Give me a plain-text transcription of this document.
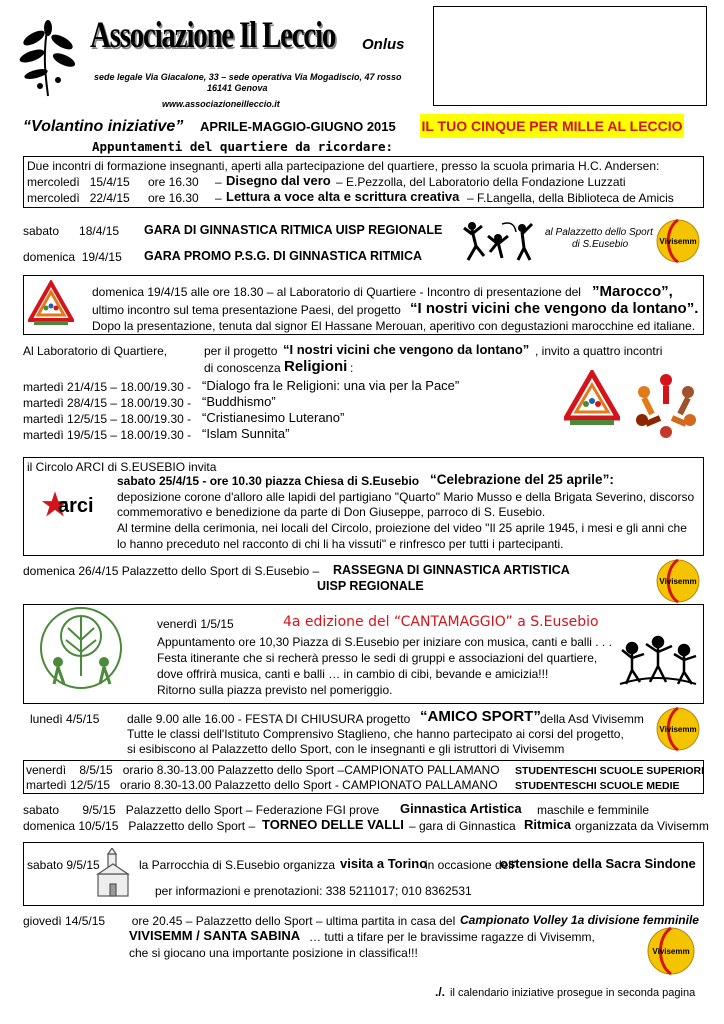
Associazione Il Leccio Onlus
sede legale Via Giacalone, 33 – sede operativa Via Mogadiscio, 47 rosso
16141 Genova
www.associazioneilleccio.it
“Volantino iniziative” APRILE-MAGGIO-GIUGNO 2015 IL TUO CINQUE PER MILLE AL LECCIO
Appuntamenti del quartiere da ricordare:
Due incontri di formazione insegnanti, aperti alla partecipazione del quartiere, presso la scuola primaria H.C. Andersen:
mercoledì   15/4/15 ore 16.30 – Disegno dal vero – E.Pezzolla, del Laboratorio della Fondazione Luzzati
mercoledì   22/4/15 ore 16.30 – Lettura a voce alta e scrittura creativa – F.Langella, della Biblioteca de Amicis
sabato      18/4/15 GARA DI GINNASTICA RITMICA UISP REGIONALE
domenica  19/4/15 GARA PROMO P.S.G. DI GINNASTICA RITMICA
al Palazzetto dello Sport
di S.Eusebio	Vivisemm
domenica 19/4/15 alle ore 18.30 – al Laboratorio di Quartiere - Incontro di presentazione del ”Marocco”,
ultimo incontro sul tema presentazione Paesi, del progetto “I nostri vicini che vengono da lontano”.
Dopo la presentazione, tenuta dal signor El Hassane Merouan, aperitivo con degustazioni marocchine ed italiane.
Al Laboratorio di Quartiere,	per il progetto “I nostri vicini che vengono da lontano” , invito a quattro incontri
di conoscenza Religioni :
martedì 21/4/15 – 18.00/19.30 - “Dialogo fra le Religioni: una via per la Pace”
martedì 28/4/15 – 18.00/19.30 - “Buddhismo”
martedì 12/5/15 – 18.00/19.30 - “Cristianesimo Luterano”
martedì 19/5/15 – 18.00/19.30 - “Islam Sunnita”
il Circolo ARCI di S.EUSEBIO invita
arci
sabato 25/4/15 - ore 10.30 piazza Chiesa di S.Eusebio “Celebrazione del 25 aprile”:
deposizione corone d'alloro alle lapidi del partigiano "Quarto" Mario Musso e della Brigata Severino, discorso
commemorativo e benedizione da parte di Don Giuseppe, parroco di S. Eusebio.
Al termine della cerimonia, nei locali del Circolo, proiezione del video "Il 25 aprile 1945, i mesi e gli anni che
lo hanno preceduto nel racconto di chi li ha vissuti" e rinfresco per tutti i partecipanti.
domenica 26/4/15 Palazzetto dello Sport di S.Eusebio – RASSEGNA DI GINNASTICA ARTISTICA
UISP REGIONALE	Vivisemm
venerdì 1/5/15	4a edizione del “CANTAMAGGIO” a S.Eusebio
Appuntamento ore 10,30 Piazza di S.Eusebio per iniziare con musica, canti e balli . . .
Festa itinerante che si recherà presso le sedi di gruppi e associazioni del quartiere,
dove offrirà musica, canti e balli … in cambio di cibi, bevande e amicizia!!!
Ritorno sulla piazza previsto nel pomeriggio.
lunedì 4/5/15 dalle 9.00 alle 16.00 - FESTA DI CHIUSURA progetto “AMICO SPORT” della Asd Vivisemm
Tutte le classi dell'Istituto Comprensivo Staglieno, che hanno partecipato ai corsi del progetto,
si esibiscono al Palazzetto dello Sport, con le insegnanti e gli istruttori di Vivisemm
Vivisemm
venerdì    8/5/15   orario 8.30-13.00 Palazzetto dello Sport –CAMPIONATO PALLAMANO STUDENTESCHI SCUOLE SUPERIORI
martedì 12/5/15   orario 8.30-13.00 Palazzetto dello Sport - CAMPIONATO PALLAMANO STUDENTESCHI SCUOLE MEDIE
sabato       9/5/15   Palazzetto dello Sport – Federazione FGI prove Ginnastica Artistica maschile e femminile
domenica 10/5/15   Palazzetto dello Sport – TORNEO DELLE VALLI – gara di Ginnastica Ritmica organizzata da Vivisemm
sabato 9/5/15	la Parrocchia di S.Eusebio organizza visita a Torino
in occasione dell'
ostensione della Sacra Sindone
per informazioni e prenotazioni: 338 5211017; 010 8362531
giovedì 14/5/15        ore 20.45 – Palazzetto dello Sport – ultima partita in casa del Campionato Volley 1a divisione femminile
VIVISEMM / SANTA SABINA … tutti a tifare per le bravissime ragazze di Vivisemm,
che si giocano una importante posizione in classifica!!!	Vivisemm
./. il calendario iniziative prosegue in seconda pagina
